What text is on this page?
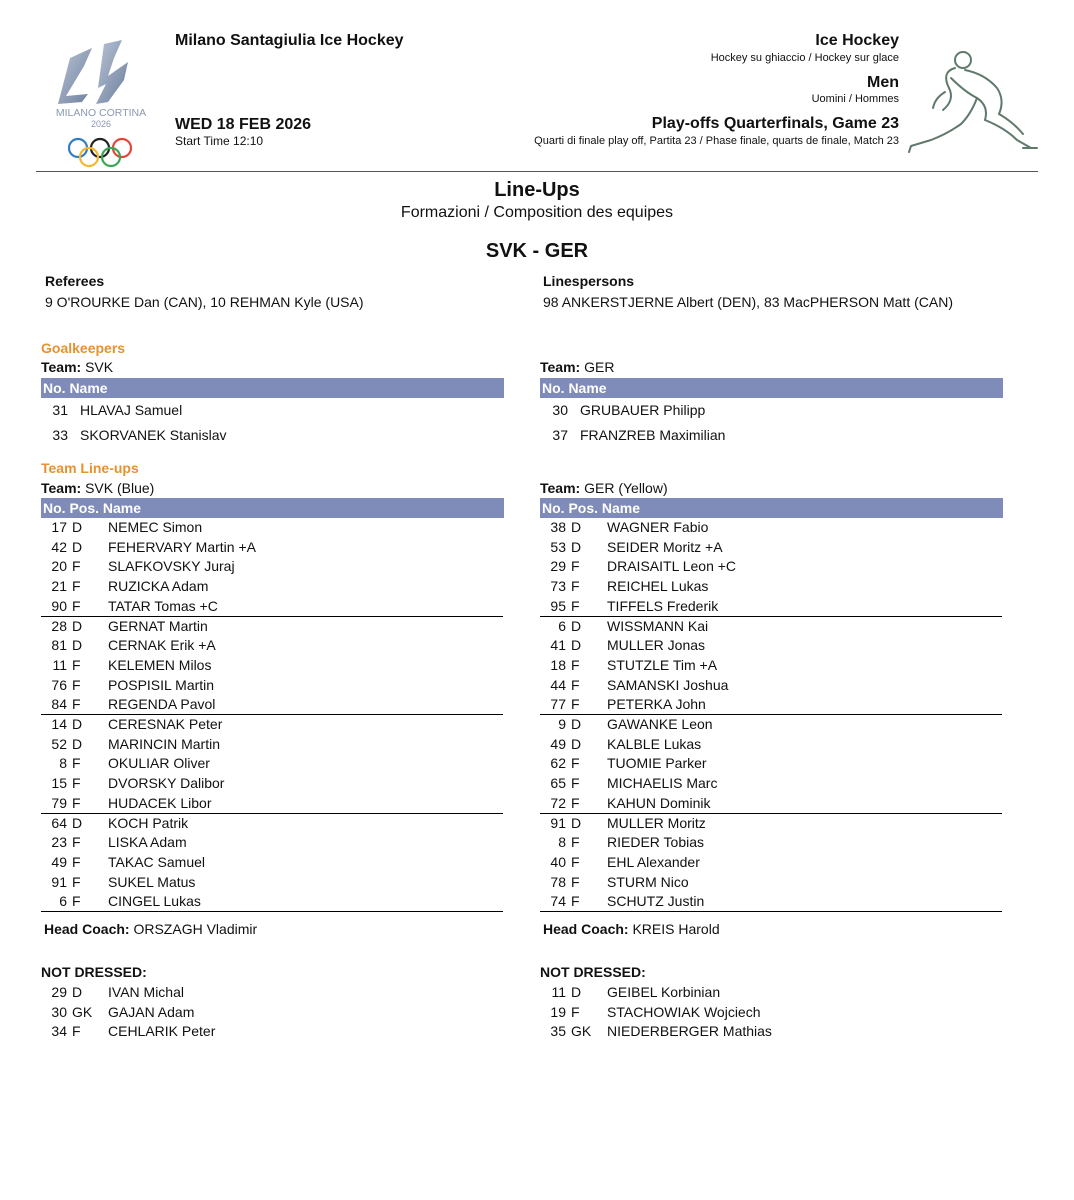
MILANO CORTINA
2026
Milano Santagiulia Ice Hockey
WED 18 FEB 2026
Start Time 12:10
Ice Hockey
Hockey su ghiaccio / Hockey sur glace
Men
Uomini / Hommes
Play-offs Quarterfinals, Game 23
Quarti di finale play off, Partita 23 / Phase finale, quarts de finale, Match 23
Line-Ups
Formazioni / Composition des equipes
SVK - GER
Referees
9 O'ROURKE Dan (CAN), 10 REHMAN Kyle (USA)
Linespersons
98 ANKERSTJERNE Albert (DEN), 83 MacPHERSON Matt (CAN)
Goalkeepers
Team: SVK	Team: GER
No. Name	No. Name
31 HLAVAJ Samuel
33 SKORVANEK Stanislav
30 GRUBAUER Philipp
37 FRANZREB Maximilian
Team Line-ups
Team: SVK (Blue)	Team: GER (Yellow)
No. Pos. Name	No. Pos. Name
17 D NEMEC Simon
42 D FEHERVARY Martin +A
20 F SLAFKOVSKY Juraj
21 F RUZICKA Adam
90 F TATAR Tomas +C
28 D GERNAT Martin
81 D CERNAK Erik +A
11 F KELEMEN Milos
76 F POSPISIL Martin
84 F REGENDA Pavol
14 D CERESNAK Peter
52 D MARINCIN Martin
8 F OKULIAR Oliver
15 F DVORSKY Dalibor
79 F HUDACEK Libor
64 D KOCH Patrik
23 F LISKA Adam
49 F TAKAC Samuel
91 F SUKEL Matus
6 F CINGEL Lukas
38 D WAGNER Fabio
53 D SEIDER Moritz +A
29 F DRAISAITL Leon +C
73 F REICHEL Lukas
95 F TIFFELS Frederik
6 D WISSMANN Kai
41 D MULLER Jonas
18 F STUTZLE Tim +A
44 F SAMANSKI Joshua
77 F PETERKA John
9 D GAWANKE Leon
49 D KALBLE Lukas
62 F TUOMIE Parker
65 F MICHAELIS Marc
72 F KAHUN Dominik
91 D MULLER Moritz
8 F RIEDER Tobias
40 F EHL Alexander
78 F STURM Nico
74 F SCHUTZ Justin
Head Coach: ORSZAGH Vladimir	Head Coach: KREIS Harold
NOT DRESSED:	NOT DRESSED:
29 D IVAN Michal
30 GK GAJAN Adam
34 F CEHLARIK Peter
11 D GEIBEL Korbinian
19 F STACHOWIAK Wojciech
35 GK NIEDERBERGER Mathias
